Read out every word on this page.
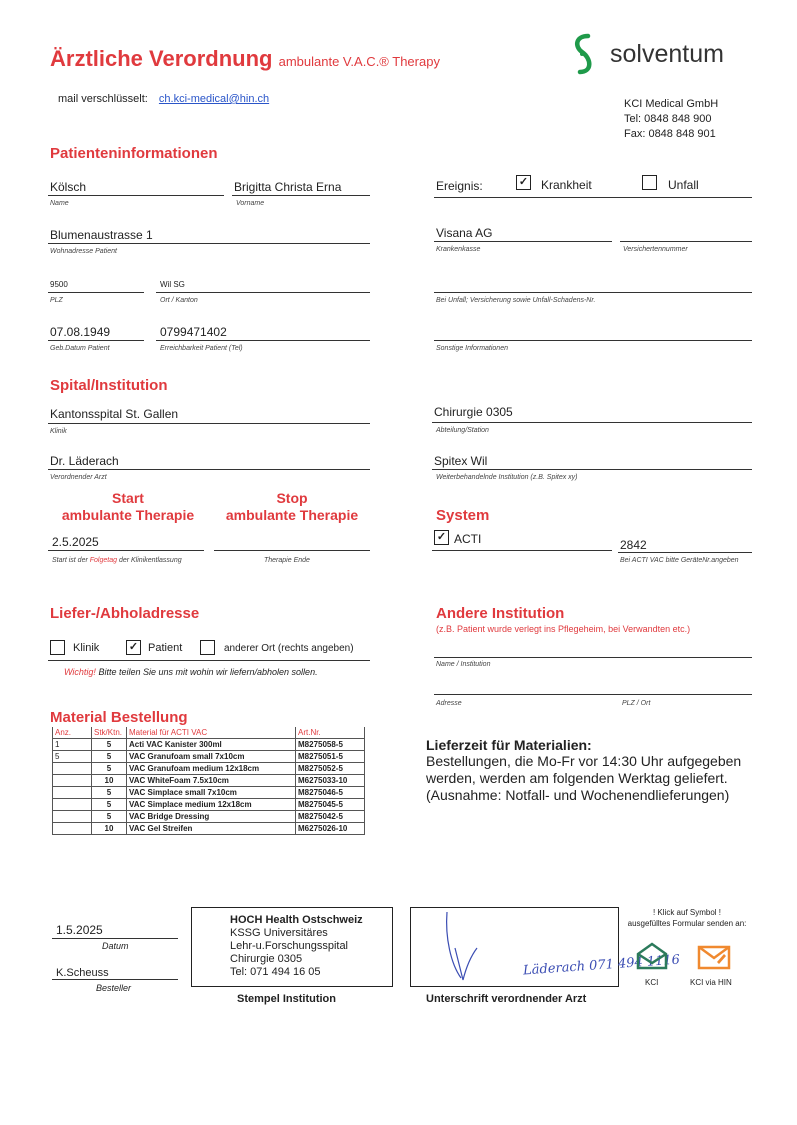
Ärztliche Verordnung ambulante V.A.C.® Therapy
mail verschlüsselt: ch.kci-medical@hin.ch
solventum
KCI Medical GmbH
Tel: 0848 848 900
Fax: 0848 848 901
Patienteninformationen
Kölsch
Name
Brigitta Christa Erna
Vorname
Blumenaustrasse 1
Wohnadresse Patient
9500
PLZ
Wil SG
Ort / Kanton
07.08.1949
Geb.Datum Patient
0799471402
Erreichbarkeit Patient (Tel)
Ereignis:	✓ Krankheit	Unfall
Visana AG
Krankenkasse	Versichertennummer
Bei Unfall; Versicherung sowie Unfall-Schadens-Nr.
Sonstige Informationen
Spital/Institution
Kantonsspital St. Gallen
Klinik
Dr. Läderach
Verordnender Arzt
Chirurgie 0305
Abteilung/Station
Spitex Wil
Weiterbehandelnde Institution (z.B. Spitex xy)
Start
ambulante Therapie
Stop
ambulante Therapie
2.5.2025
Start ist der Folgetag der Klinikentlassung	Therapie Ende
System
✓ ACTI	2842
Bei ACTI VAC bitte GeräteNr.angeben
Liefer-/Abholadresse
Klinik	✓ Patient	anderer Ort (rechts angeben)
Wichtig! Bitte teilen Sie uns mit wohin wir liefern/abholen sollen.
Andere Institution
(z.B. Patient wurde verlegt ins Pflegeheim, bei Verwandten etc.)
Name / Institution
Adresse	PLZ / Ort
Material Bestellung
Anz.	Stk/Ktn.	Material für ACTI VAC	Art.Nr.
1	5	Acti VAC Kanister 300ml	M8275058-5
5	5	VAC Granufoam small 7x10cm	M8275051-5
	5	VAC Granufoam medium 12x18cm	M8275052-5
	10	VAC WhiteFoam 7.5x10cm	M6275033-10
	5	VAC Simplace small 7x10cm	M8275046-5
	5	VAC Simplace medium 12x18cm	M8275045-5
	5	VAC Bridge Dressing	M8275042-5
	10	VAC Gel Streifen	M6275026-10
Lieferzeit für Materialien:
Bestellungen, die Mo-Fr vor 14:30 Uhr aufgegeben
werden, werden am folgenden Werktag geliefert.
(Ausnahme: Notfall- und Wochenendlieferungen)
1.5.2025
Datum
K.Scheuss
Besteller
HOCH Health Ostschweiz
KSSG Universitäres
Lehr-u.Forschungsspital
Chirurgie 0305
Tel: 071 494 16 05
Stempel Institution
Läderach 071 494 1116
Unterschrift verordnender Arzt
! Klick auf Symbol !
ausgefülltes Formular senden an:
KCI	KCI via HIN
